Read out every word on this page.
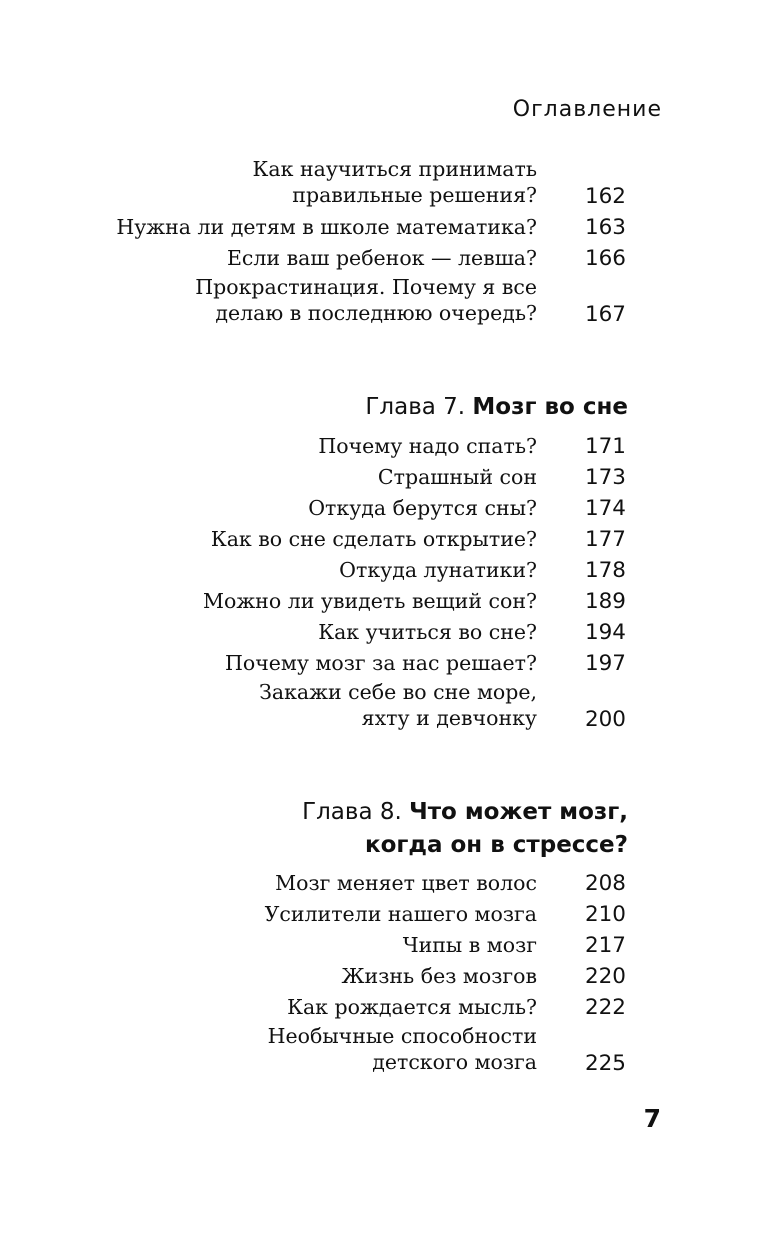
Оглавление
Как научиться принимать
правильные решения? 162
Нужна ли детям в школе математика? 163
Если ваш ребенок — левша? 166
Прокрастинация. Почему я все
делаю в последнюю очередь? 167
Глава 7. Мозг во сне
Почему надо спать? 171
Страшный сон 173
Откуда берутся сны? 174
Как во сне сделать открытие? 177
Откуда лунатики? 178
Можно ли увидеть вещий сон? 189
Как учиться во сне? 194
Почему мозг за нас решает? 197
Закажи себе во сне море,
яхту и девчонку 200
Глава 8. Что может мозг,
когда он в стрессе?
Мозг меняет цвет волос 208
Усилители нашего мозга 210
Чипы в мозг 217
Жизнь без мозгов 220
Как рождается мысль? 222
Необычные способности
детского мозга 225
7
